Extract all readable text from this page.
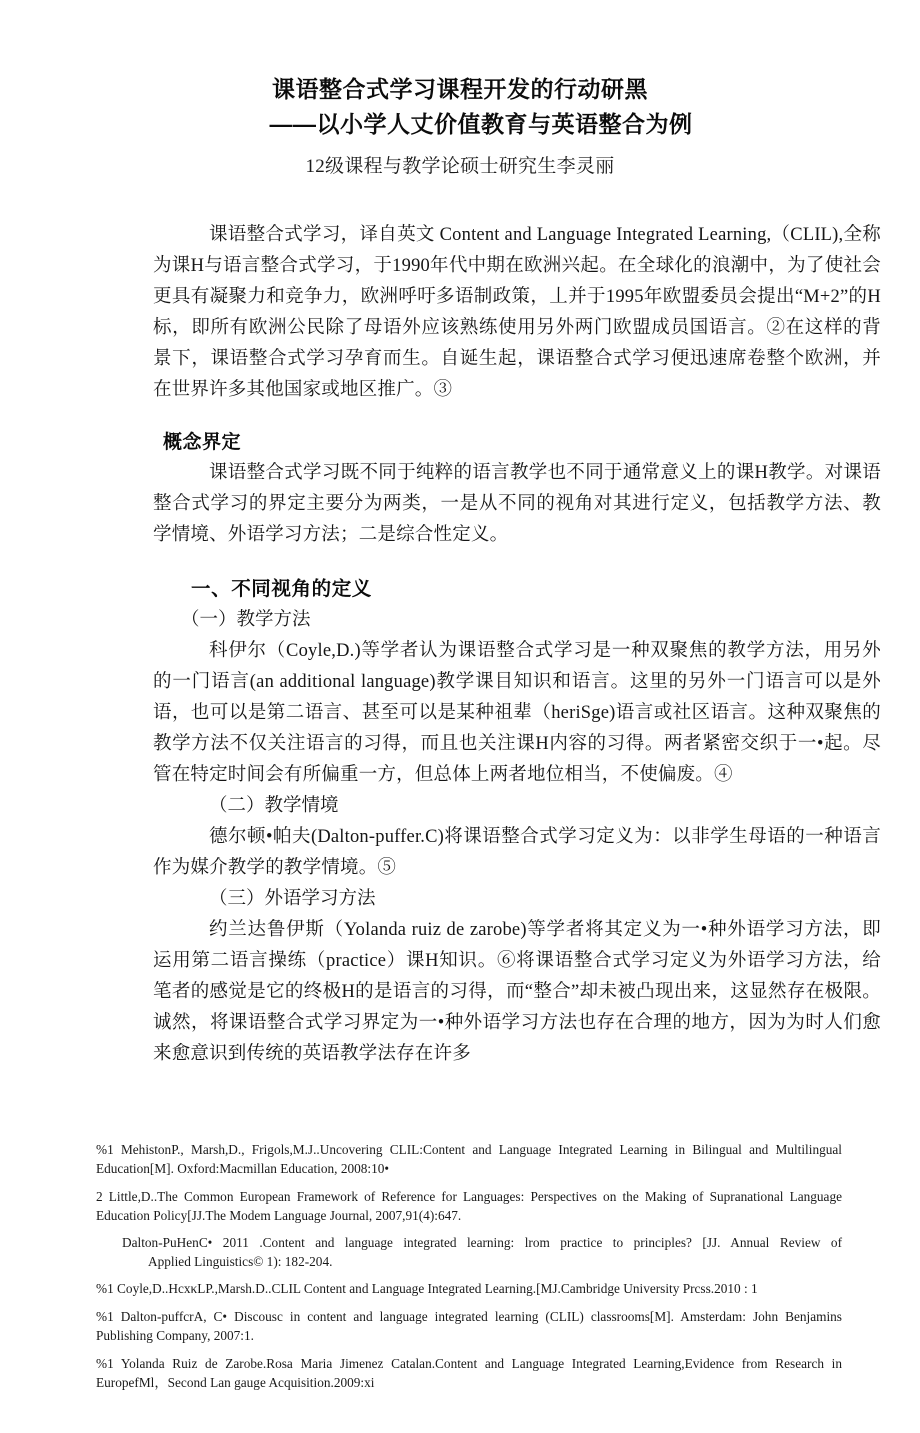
课语整合式学习课程开发的行动研黑
——以小学人丈价值教育与英语整合为例
12级课程与教学论硕士研究生李灵丽

课语整合式学习，译自英文 Content and Language Integrated Learning,（CLIL),全称为课H与语言整合式学习，于1990年代中期在欧洲兴起。在全球化的浪潮中，为了使社会更具有凝聚力和竞争力，欧洲呼吁多语制政策，丄并于1995年欧盟委员会提出“M+2”的H标，即所有欧洲公民除了母语外应该熟练使用另外两门欧盟成员国语言。②在这样的背景下，课语整合式学习孕育而生。自诞生起，课语整合式学习便迅速席卷整个欧洲，并在世界许多其他国家或地区推广。③

概念界定

课语整合式学习既不同于纯粹的语言教学也不同于通常意义上的课H教学。对课语整合式学习的界定主要分为两类，一是从不同的视角对其进行定义，包括教学方法、教学情境、外语学习方法；二是综合性定义。

一、不同视角的定义

（一）教学方法

科伊尔（Coyle,D.)等学者认为课语整合式学习是一种双聚焦的教学方法，用另外的一门语言(an additional language)教学课目知识和语言。这里的另外一门语言可以是外语，也可以是第二语言、甚至可以是某种祖辈（heriSge)语言或社区语言。这种双聚焦的教学方法不仅关注语言的习得，而且也关注课H内容的习得。两者紧密交织于一•起。尽管在特定时间会有所偏重一方，但总体上两者地位相当，不使偏废。④

（二）教学情境

德尔顿•帕夫(Dalton-puffer.C)将课语整合式学习定义为：以非学生母语的一种语言作为媒介教学的教学情境。⑤

（三）外语学习方法

约兰达鲁伊斯（Yolanda ruiz de zarobe)等学者将其定义为一•种外语学习方法，即运用第二语言操练（practice）课H知识。⑥将课语整合式学习定义为外语学习方法，给笔者的感觉是它的终极H的是语言的习得，而“整合”却未被凸现出来，这显然存在极限。诚然，将课语整合式学习界定为一•种外语学习方法也存在合理的地方，因为为时人们愈来愈意识到传统的英语教学法存在许多

%1 MehistonP., Marsh,D., Frigols,M.J..Uncovering CLIL:Content and Language Integrated Learning in Bilingual and Multilingual Education[M]. Oxford:Macmillan Education, 2008:10•

2 Little,D..The Common European Framework of Reference for Languages: Perspectives on the Making of Supranational Language Education Policy[JJ.The Modem Language Journal, 2007,91(4):647.

Dalton-PuHenC• 2011 .Content and language integrated learning: lrom practice to principles? [JJ. Annual Review of
Applied Linguistics© 1): 182-204.

%1 Coyle,D..HcxκLP.,Marsh.D..CLIL Content and Language Integrated Learning.[MJ.Cambridge University Prcss.2010 : 1

%1 Dalton-puffcrA, C• Discousc in content and language integrated learning (CLIL) classrooms[M]. Amsterdam: John Benjamins Publishing Company, 2007:1.

%1 Yolanda Ruiz de Zarobe.Rosa Maria Jimenez Catalan.Content and Language Integrated Learning,Evidence from Research in EuropefMl，Second Lan gauge Acquisition.2009:xi
